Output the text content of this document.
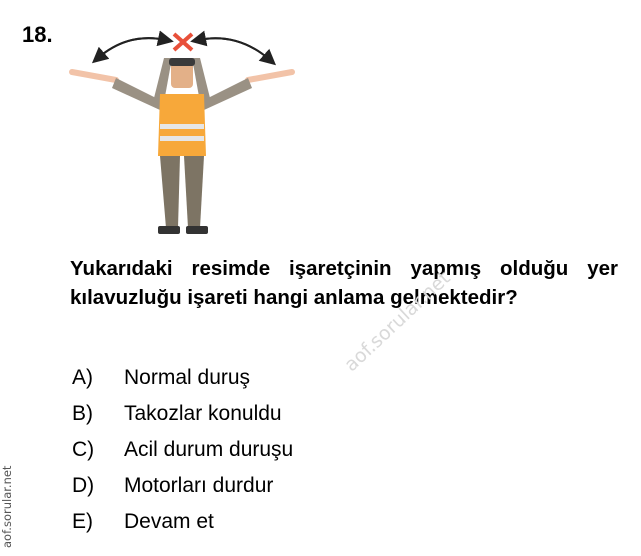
18.
Yukarıdaki resimde işaretçinin yapmış olduğu yer kılavuzluğu işareti hangi anlama gelmektedir?
A)	Normal duruş
B)	Takozlar konuldu
C)	Acil durum duruşu
D)	Motorları durdur
E)	Devam et
aof.sorular.net
aof.sorular.net
